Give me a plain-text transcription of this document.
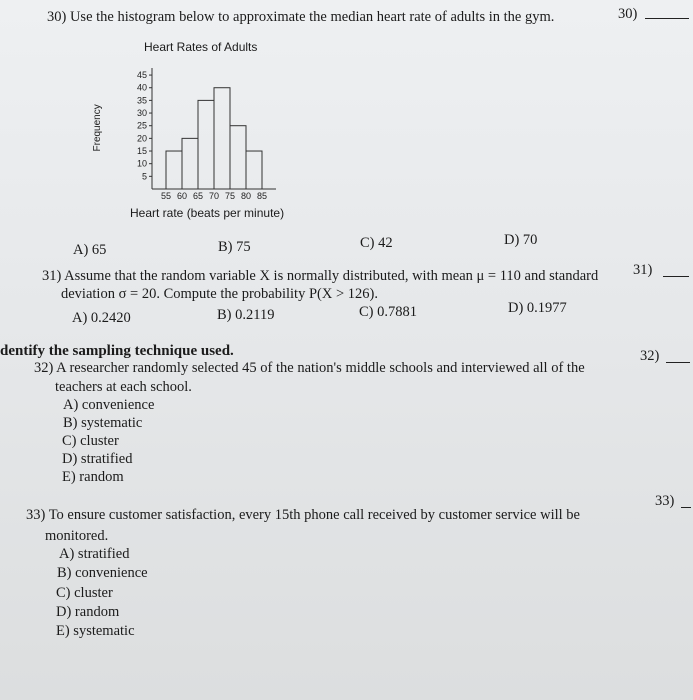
30) Use the histogram below to approximate the median heart rate of adults in the gym.	30)
Heart Rates of Adults
5
10
15
20
25
30
35
40
45
Frequency
55 60 65 70 75 80 85
Heart rate (beats per minute)
A) 65	B) 75	C) 42	D) 70
31) Assume that the random variable X is normally distributed, with mean μ = 110 and standard
deviation σ = 20. Compute the probability P(X > 126).
31)
A) 0.2420	B) 0.2119	C) 0.7881	D) 0.1977
dentify the sampling technique used.
32) A researcher randomly selected 45 of the nation's middle schools and interviewed all of the
teachers at each school.
32)
A) convenience
B) systematic
C) cluster
D) stratified
E) random
33) To ensure customer satisfaction, every 15th phone call received by customer service will be
monitored.
33)
A) stratified
B) convenience
C) cluster
D) random
E) systematic
